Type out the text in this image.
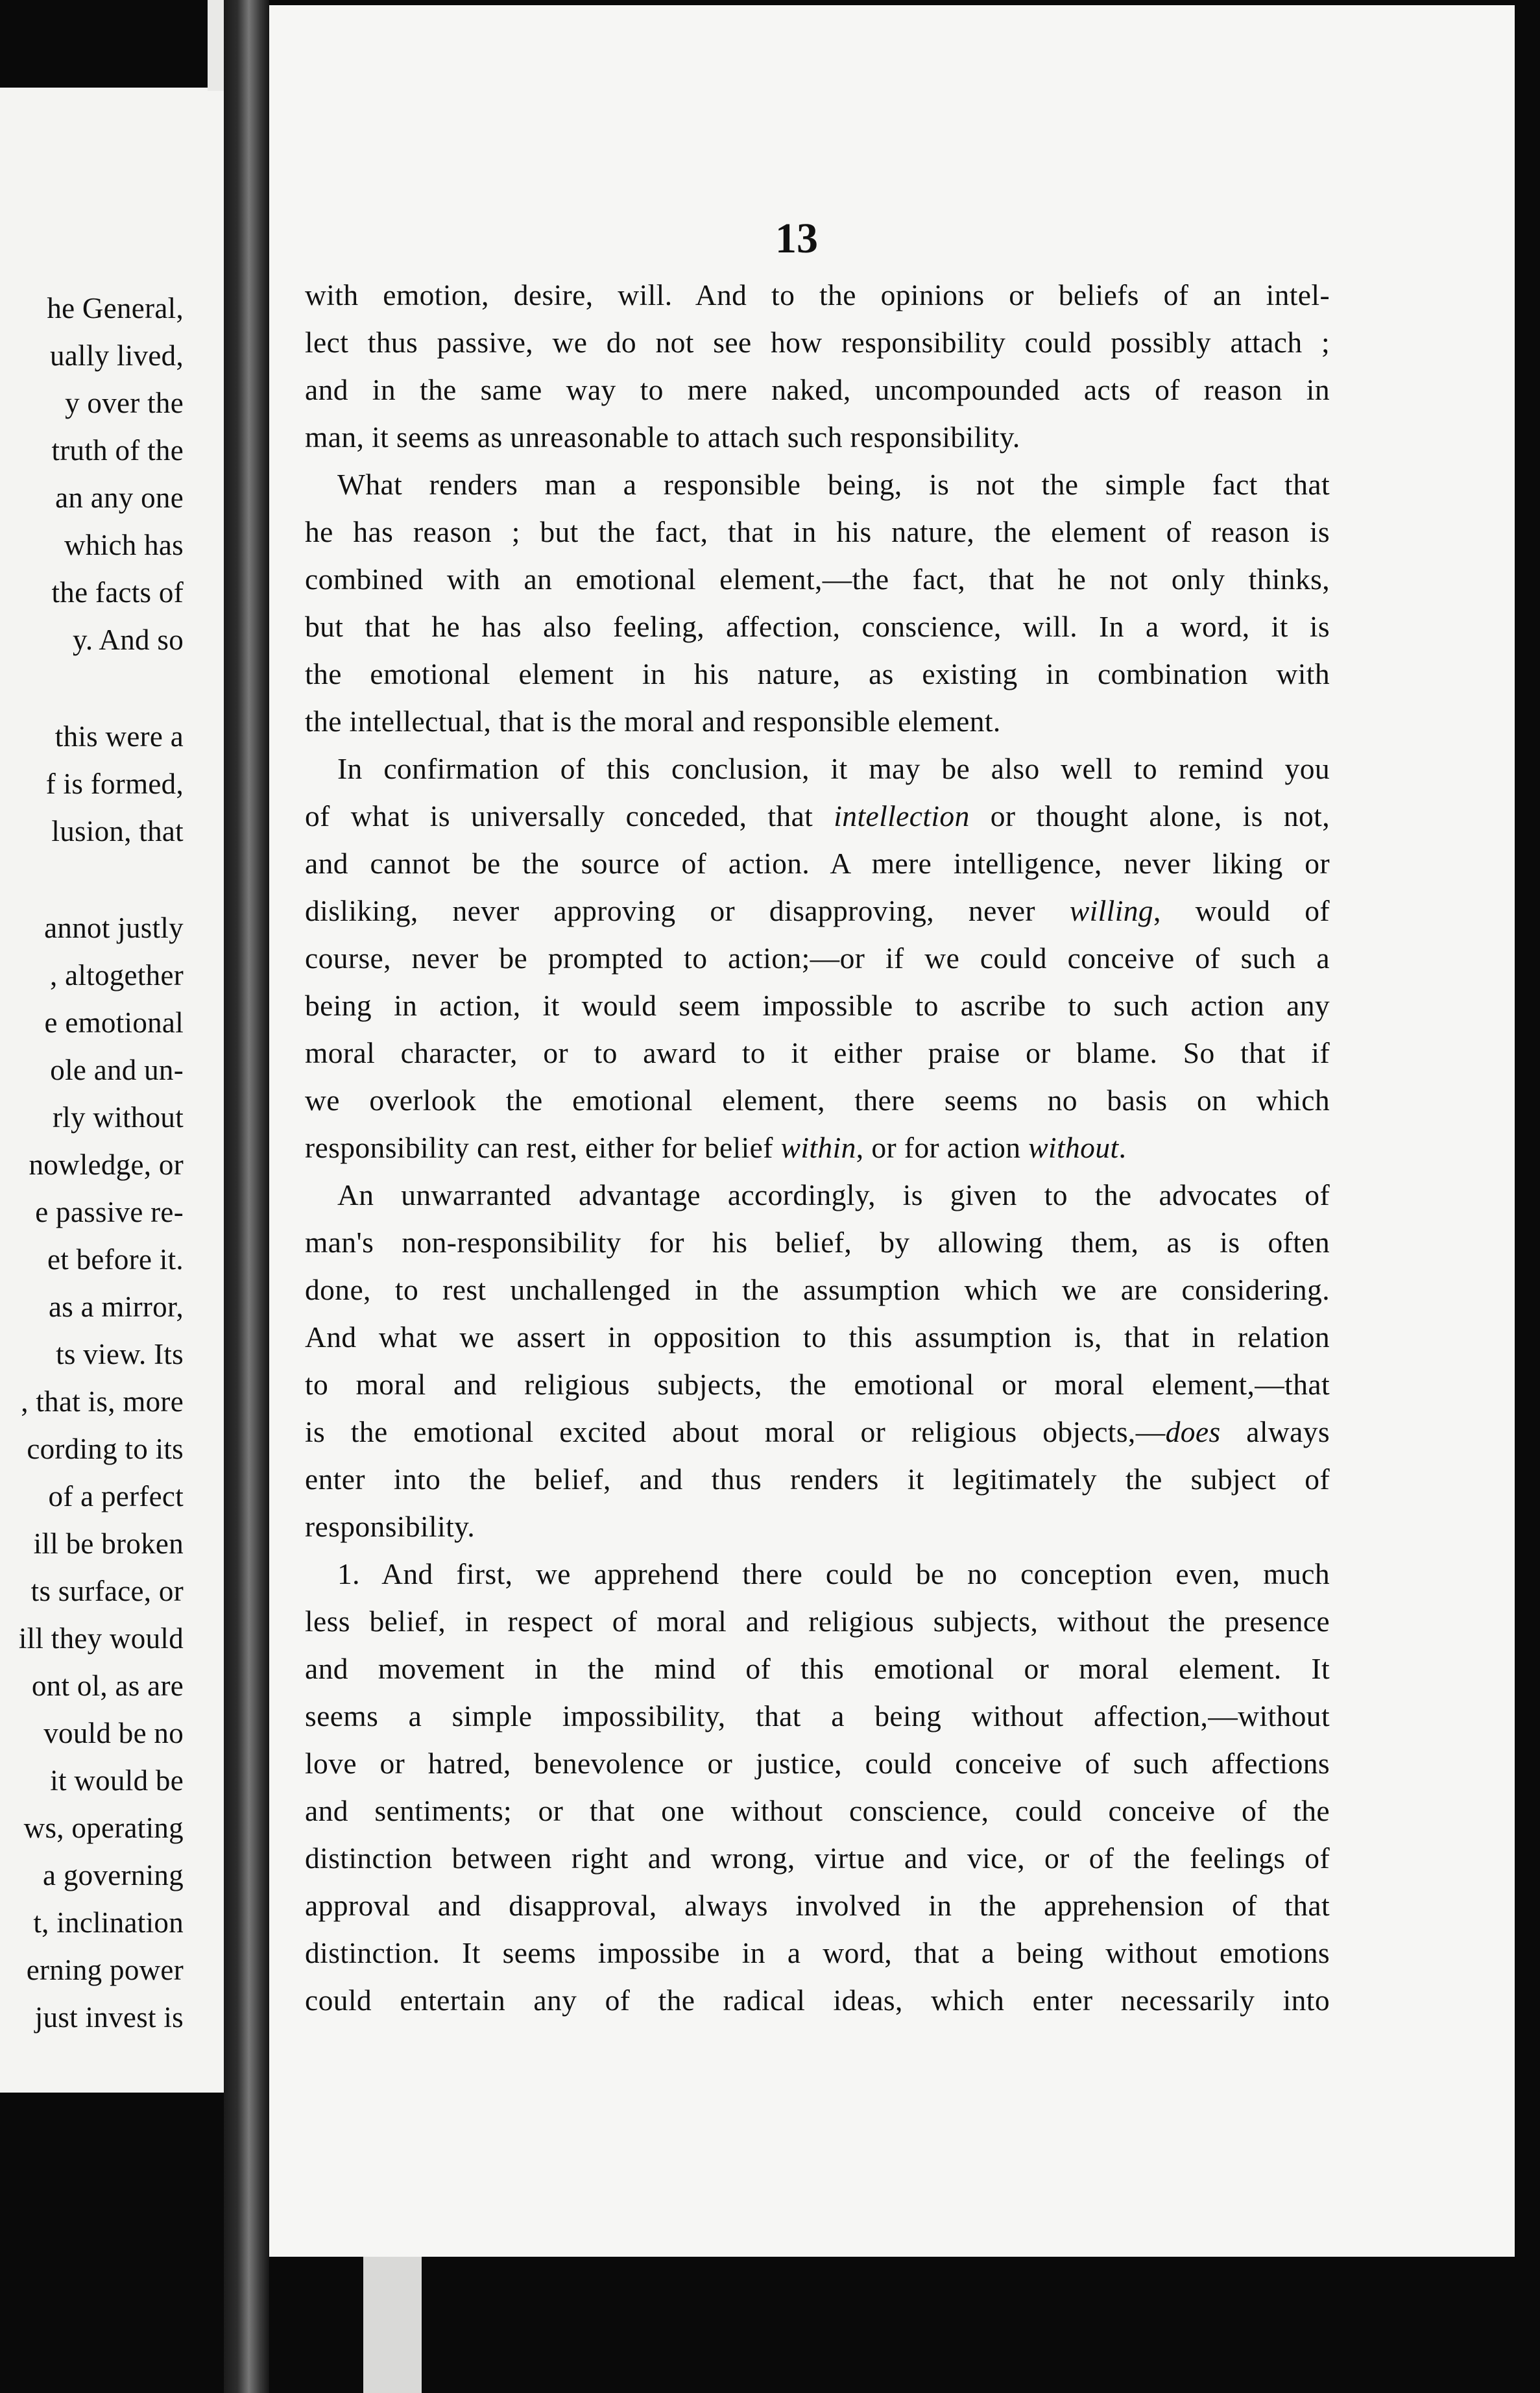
he General,
ually lived,
y over the
truth of the
an any one
which has
the facts of
y. And so
this were a
f is formed,
lusion, that
annot justly
, altogether
e emotional
ole and un-
rly without
nowledge, or
e passive re-
et before it.
as a mirror,
ts view. Its
, that is, more
cording to its
of a perfect
ill be broken
ts surface, or
ill they would
ont ol, as are
vould be no
it would be
ws, operating
a governing
t, inclination
erning power
just invest is
13
with emotion, desire, will. And to the opinions or beliefs of an intel-
lect thus passive, we do not see how responsibility could possibly attach ;
and in the same way to mere naked, uncompounded acts of reason in
man, it seems as unreasonable to attach such responsibility.
What renders man a responsible being, is not the simple fact that
he has reason ; but the fact, that in his nature, the element of reason is
combined with an emotional element,—the fact, that he not only thinks,
but that he has also feeling, affection, conscience, will. In a word, it is
the emotional element in his nature, as existing in combination with
the intellectual, that is the moral and responsible element.
In confirmation of this conclusion, it may be also well to remind you
of what is universally conceded, that intellection or thought alone, is not,
and cannot be the source of action. A mere intelligence, never liking or
disliking, never approving or disapproving, never willing, would of
course, never be prompted to action;—or if we could conceive of such a
being in action, it would seem impossible to ascribe to such action any
moral character, or to award to it either praise or blame. So that if
we overlook the emotional element, there seems no basis on which
responsibility can rest, either for belief within, or for action without.
An unwarranted advantage accordingly, is given to the advocates of
man's non-responsibility for his belief, by allowing them, as is often
done, to rest unchallenged in the assumption which we are considering.
And what we assert in opposition to this assumption is, that in relation
to moral and religious subjects, the emotional or moral element,—that
is the emotional excited about moral or religious objects,—does always
enter into the belief, and thus renders it legitimately the subject of
responsibility.
1. And first, we apprehend there could be no conception even, much
less belief, in respect of moral and religious subjects, without the presence
and movement in the mind of this emotional or moral element. It
seems a simple impossibility, that a being without affection,—without
love or hatred, benevolence or justice, could conceive of such affections
and sentiments; or that one without conscience, could conceive of the
distinction between right and wrong, virtue and vice, or of the feelings of
approval and disapproval, always involved in the apprehension of that
distinction. It seems impossibe in a word, that a being without emotions
could entertain any of the radical ideas, which enter necessarily into
